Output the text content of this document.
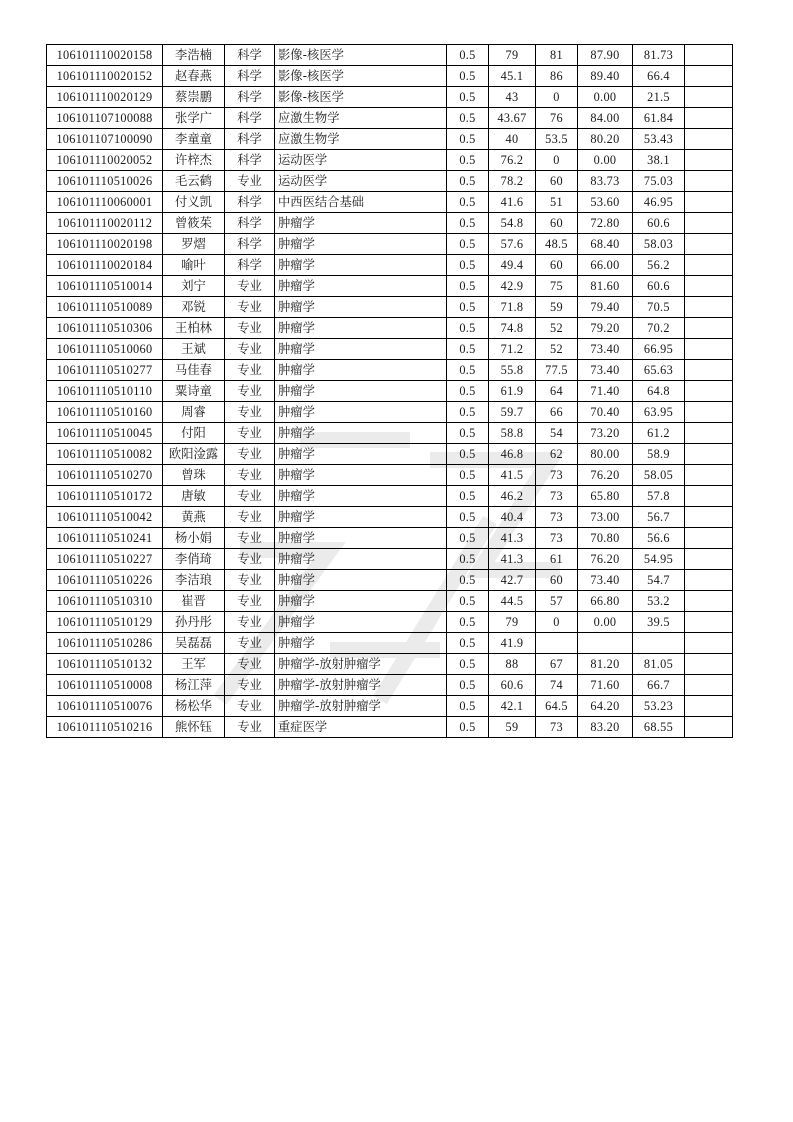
106101110020158	李浩楠	科学	影像-核医学	0.5	79	81	87.90	81.73	
106101110020152	赵春燕	科学	影像-核医学	0.5	45.1	86	89.40	66.4	
106101110020129	蔡崇鹏	科学	影像-核医学	0.5	43	0	0.00	21.5	
106101107100088	张学广	科学	应激生物学	0.5	43.67	76	84.00	61.84	
106101107100090	李童童	科学	应激生物学	0.5	40	53.5	80.20	53.43	
106101110020052	许梓杰	科学	运动医学	0.5	76.2	0	0.00	38.1	
106101110510026	毛云鹤	专业	运动医学	0.5	78.2	60	83.73	75.03	
106101110060001	付义凯	科学	中西医结合基础	0.5	41.6	51	53.60	46.95	
106101110020112	曾筱茱	科学	肿瘤学	0.5	54.8	60	72.80	60.6	
106101110020198	罗熠	科学	肿瘤学	0.5	57.6	48.5	68.40	58.03	
106101110020184	喻叶	科学	肿瘤学	0.5	49.4	60	66.00	56.2	
106101110510014	刘宁	专业	肿瘤学	0.5	42.9	75	81.60	60.6	
106101110510089	邓锐	专业	肿瘤学	0.5	71.8	59	79.40	70.5	
106101110510306	王柏林	专业	肿瘤学	0.5	74.8	52	79.20	70.2	
106101110510060	王斌	专业	肿瘤学	0.5	71.2	52	73.40	66.95	
106101110510277	马佳春	专业	肿瘤学	0.5	55.8	77.5	73.40	65.63	
106101110510110	粟诗童	专业	肿瘤学	0.5	61.9	64	71.40	64.8	
106101110510160	周睿	专业	肿瘤学	0.5	59.7	66	70.40	63.95	
106101110510045	付阳	专业	肿瘤学	0.5	58.8	54	73.20	61.2	
106101110510082	欧阳淦露	专业	肿瘤学	0.5	46.8	62	80.00	58.9	
106101110510270	曾珠	专业	肿瘤学	0.5	41.5	73	76.20	58.05	
106101110510172	唐敏	专业	肿瘤学	0.5	46.2	73	65.80	57.8	
106101110510042	黄燕	专业	肿瘤学	0.5	40.4	73	73.00	56.7	
106101110510241	杨小娟	专业	肿瘤学	0.5	41.3	73	70.80	56.6	
106101110510227	李俏琦	专业	肿瘤学	0.5	41.3	61	76.20	54.95	
106101110510226	李洁琅	专业	肿瘤学	0.5	42.7	60	73.40	54.7	
106101110510310	崔晋	专业	肿瘤学	0.5	44.5	57	66.80	53.2	
106101110510129	孙丹彤	专业	肿瘤学	0.5	79	0	0.00	39.5	
106101110510286	吴磊磊	专业	肿瘤学	0.5	41.9				
106101110510132	王军	专业	肿瘤学-放射肿瘤学	0.5	88	67	81.20	81.05	
106101110510008	杨江萍	专业	肿瘤学-放射肿瘤学	0.5	60.6	74	71.60	66.7	
106101110510076	杨松华	专业	肿瘤学-放射肿瘤学	0.5	42.1	64.5	64.20	53.23	
106101110510216	熊怀钰	专业	重症医学	0.5	59	73	83.20	68.55	
